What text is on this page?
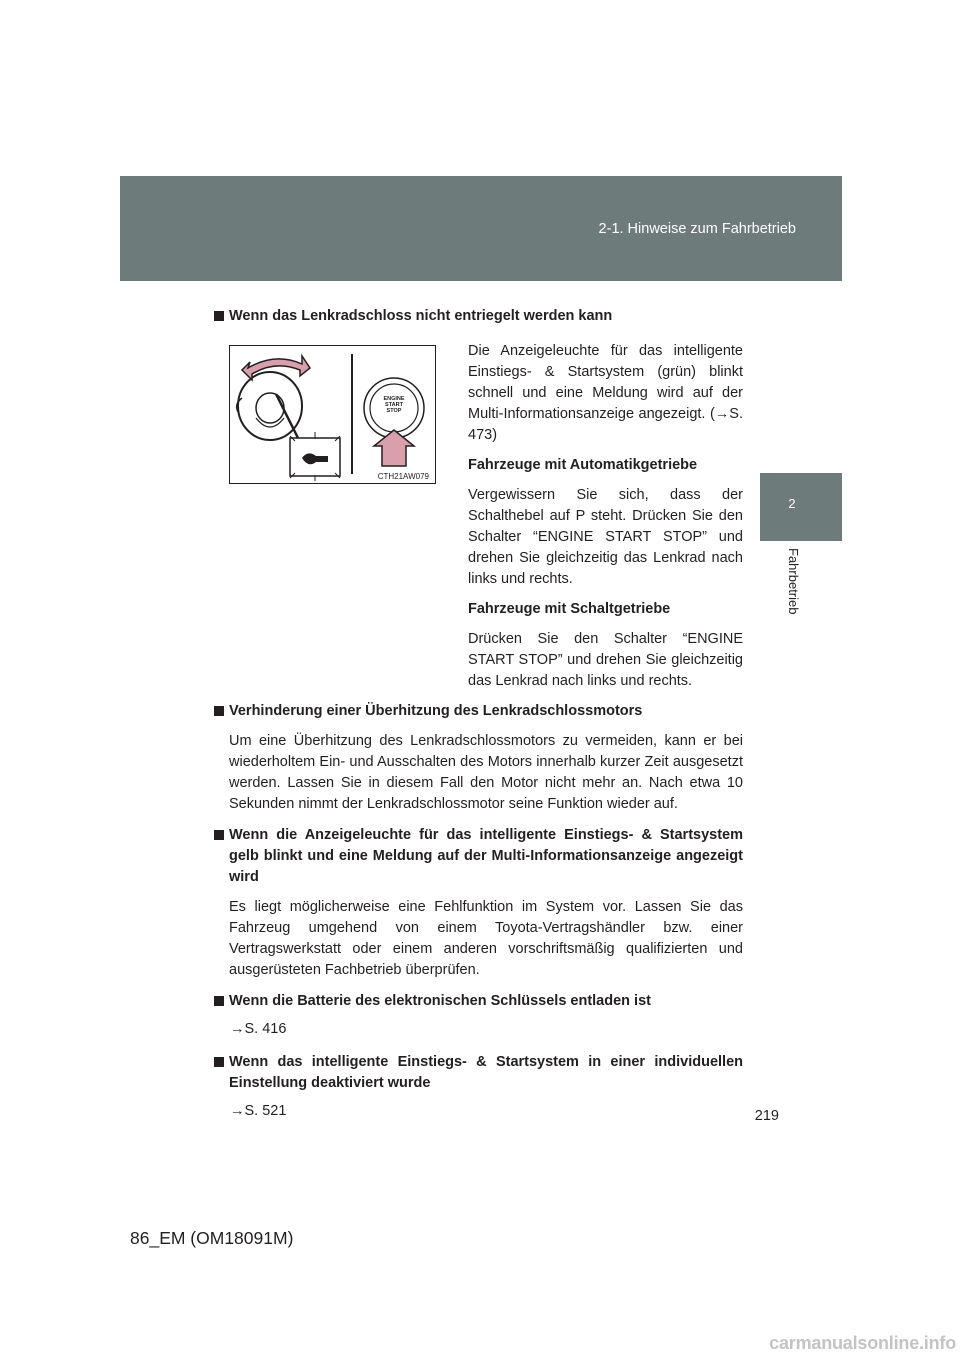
2-1. Hinweise zum Fahrbetrieb
2
Fahrbetrieb
Wenn das Lenkradschloss nicht entriegelt werden kann
ENGINE
START
STOP
CTH21AW079
Die Anzeigeleuchte für das intelligente Einstiegs- & Startsystem (grün) blinkt schnell und eine Meldung wird auf der Multi-Informationsanzeige angezeigt. (→S. 473)
Fahrzeuge mit Automatikgetriebe
Vergewissern Sie sich, dass der Schalthebel auf P steht. Drücken Sie den Schalter “ENGINE START STOP” und drehen Sie gleichzeitig das Lenkrad nach links und rechts.
Fahrzeuge mit Schaltgetriebe
Drücken Sie den Schalter “ENGINE START STOP” und drehen Sie gleichzeitig das Lenkrad nach links und rechts.
Verhinderung einer Überhitzung des Lenkradschlossmotors
Um eine Überhitzung des Lenkradschlossmotors zu vermeiden, kann er bei wiederholtem Ein- und Ausschalten des Motors innerhalb kurzer Zeit ausgesetzt werden. Lassen Sie in diesem Fall den Motor nicht mehr an. Nach etwa 10 Sekunden nimmt der Lenkradschlossmotor seine Funktion wieder auf.
Wenn die Anzeigeleuchte für das intelligente Einstiegs- & Startsystem gelb blinkt und eine Meldung auf der Multi-Informationsanzeige angezeigt wird
Es liegt möglicherweise eine Fehlfunktion im System vor. Lassen Sie das Fahrzeug umgehend von einem Toyota-Vertragshändler bzw. einer Vertragswerkstatt oder einem anderen vorschriftsmäßig qualifizierten und ausgerüsteten Fachbetrieb überprüfen.
Wenn die Batterie des elektronischen Schlüssels entladen ist
→S. 416
Wenn das intelligente Einstiegs- & Startsystem in einer individuellen Einstellung deaktiviert wurde
→S. 521	219
86_EM (OM18091M)
carmanualsonline.info
